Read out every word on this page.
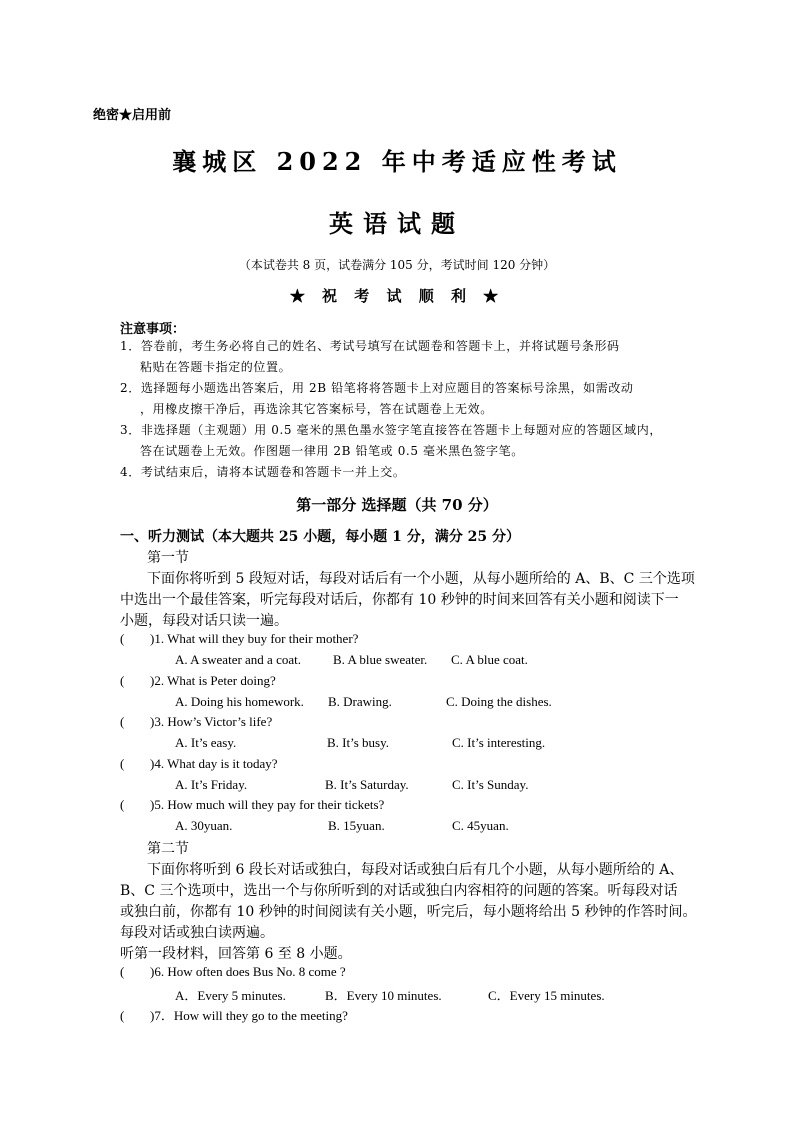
绝密★启用前
襄城区 2022 年中考适应性考试
英语试题
（本试卷共 8 页，试卷满分 105 分，考试时间 120 分钟）
★ 祝 考 试 顺 利 ★
注意事项：
1．答卷前，考生务必将自己的姓名、考试号填写在试题卷和答题卡上，并将试题号条形码
粘贴在答题卡指定的位置。
2．选择题每小题选出答案后，用 2B 铅笔将将答题卡上对应题目的答案标号涂黑，如需改动
，用橡皮擦干净后，再选涂其它答案标号，答在试题卷上无效。
3．非选择题（主观题）用 0.5 毫米的黑色墨水签字笔直接答在答题卡上每题对应的答题区域内，
答在试题卷上无效。作图题一律用 2B 铅笔或 0.5 毫米黑色签字笔。
4．考试结束后，请将本试题卷和答题卡一并上交。
第一部分 选择题（共 70 分）
一、听力测试（本大题共 25 小题，每小题 1 分，满分 25 分）
第一节
下面你将听到 5 段短对话，每段对话后有一个小题，从每小题所给的 A、B、C 三个选项
中选出一个最佳答案，听完每段对话后，你都有 10 秒钟的时间来回答有关小题和阅读下一
小题，每段对话只读一遍。
( )1. What will they buy for their mother?
A. A sweater and a coat. B. A blue sweater. C. A blue coat.
( )2. What is Peter doing?
A. Doing his homework. B. Drawing.	C. Doing the dishes.
( )3. How’s Victor’s life?
A. It’s easy.	B. It’s busy.	C. It’s interesting.
( )4. What day is it today?
A. It’s Friday.	B. It’s Saturday.	C. It’s Sunday.
( )5. How much will they pay for their tickets?
A. 30yuan.	B. 15yuan.	C. 45yuan.
第二节
下面你将听到 6 段长对话或独白，每段对话或独白后有几个小题，从每小题所给的 A、
B、C 三个选项中，选出一个与你所听到的对话或独白内容相符的问题的答案。听每段对话
或独白前，你都有 10 秒钟的时间阅读有关小题，听完后，每小题将给出 5 秒钟的作答时间。
每段对话或独白读两遍。
听第一段材料，回答第 6 至 8 小题。
( )6. How often does Bus No. 8 come ?
A．Every 5 minutes.	B．Every 10 minutes.	C．Every 15 minutes.
( )7．How will they go to the meeting?
